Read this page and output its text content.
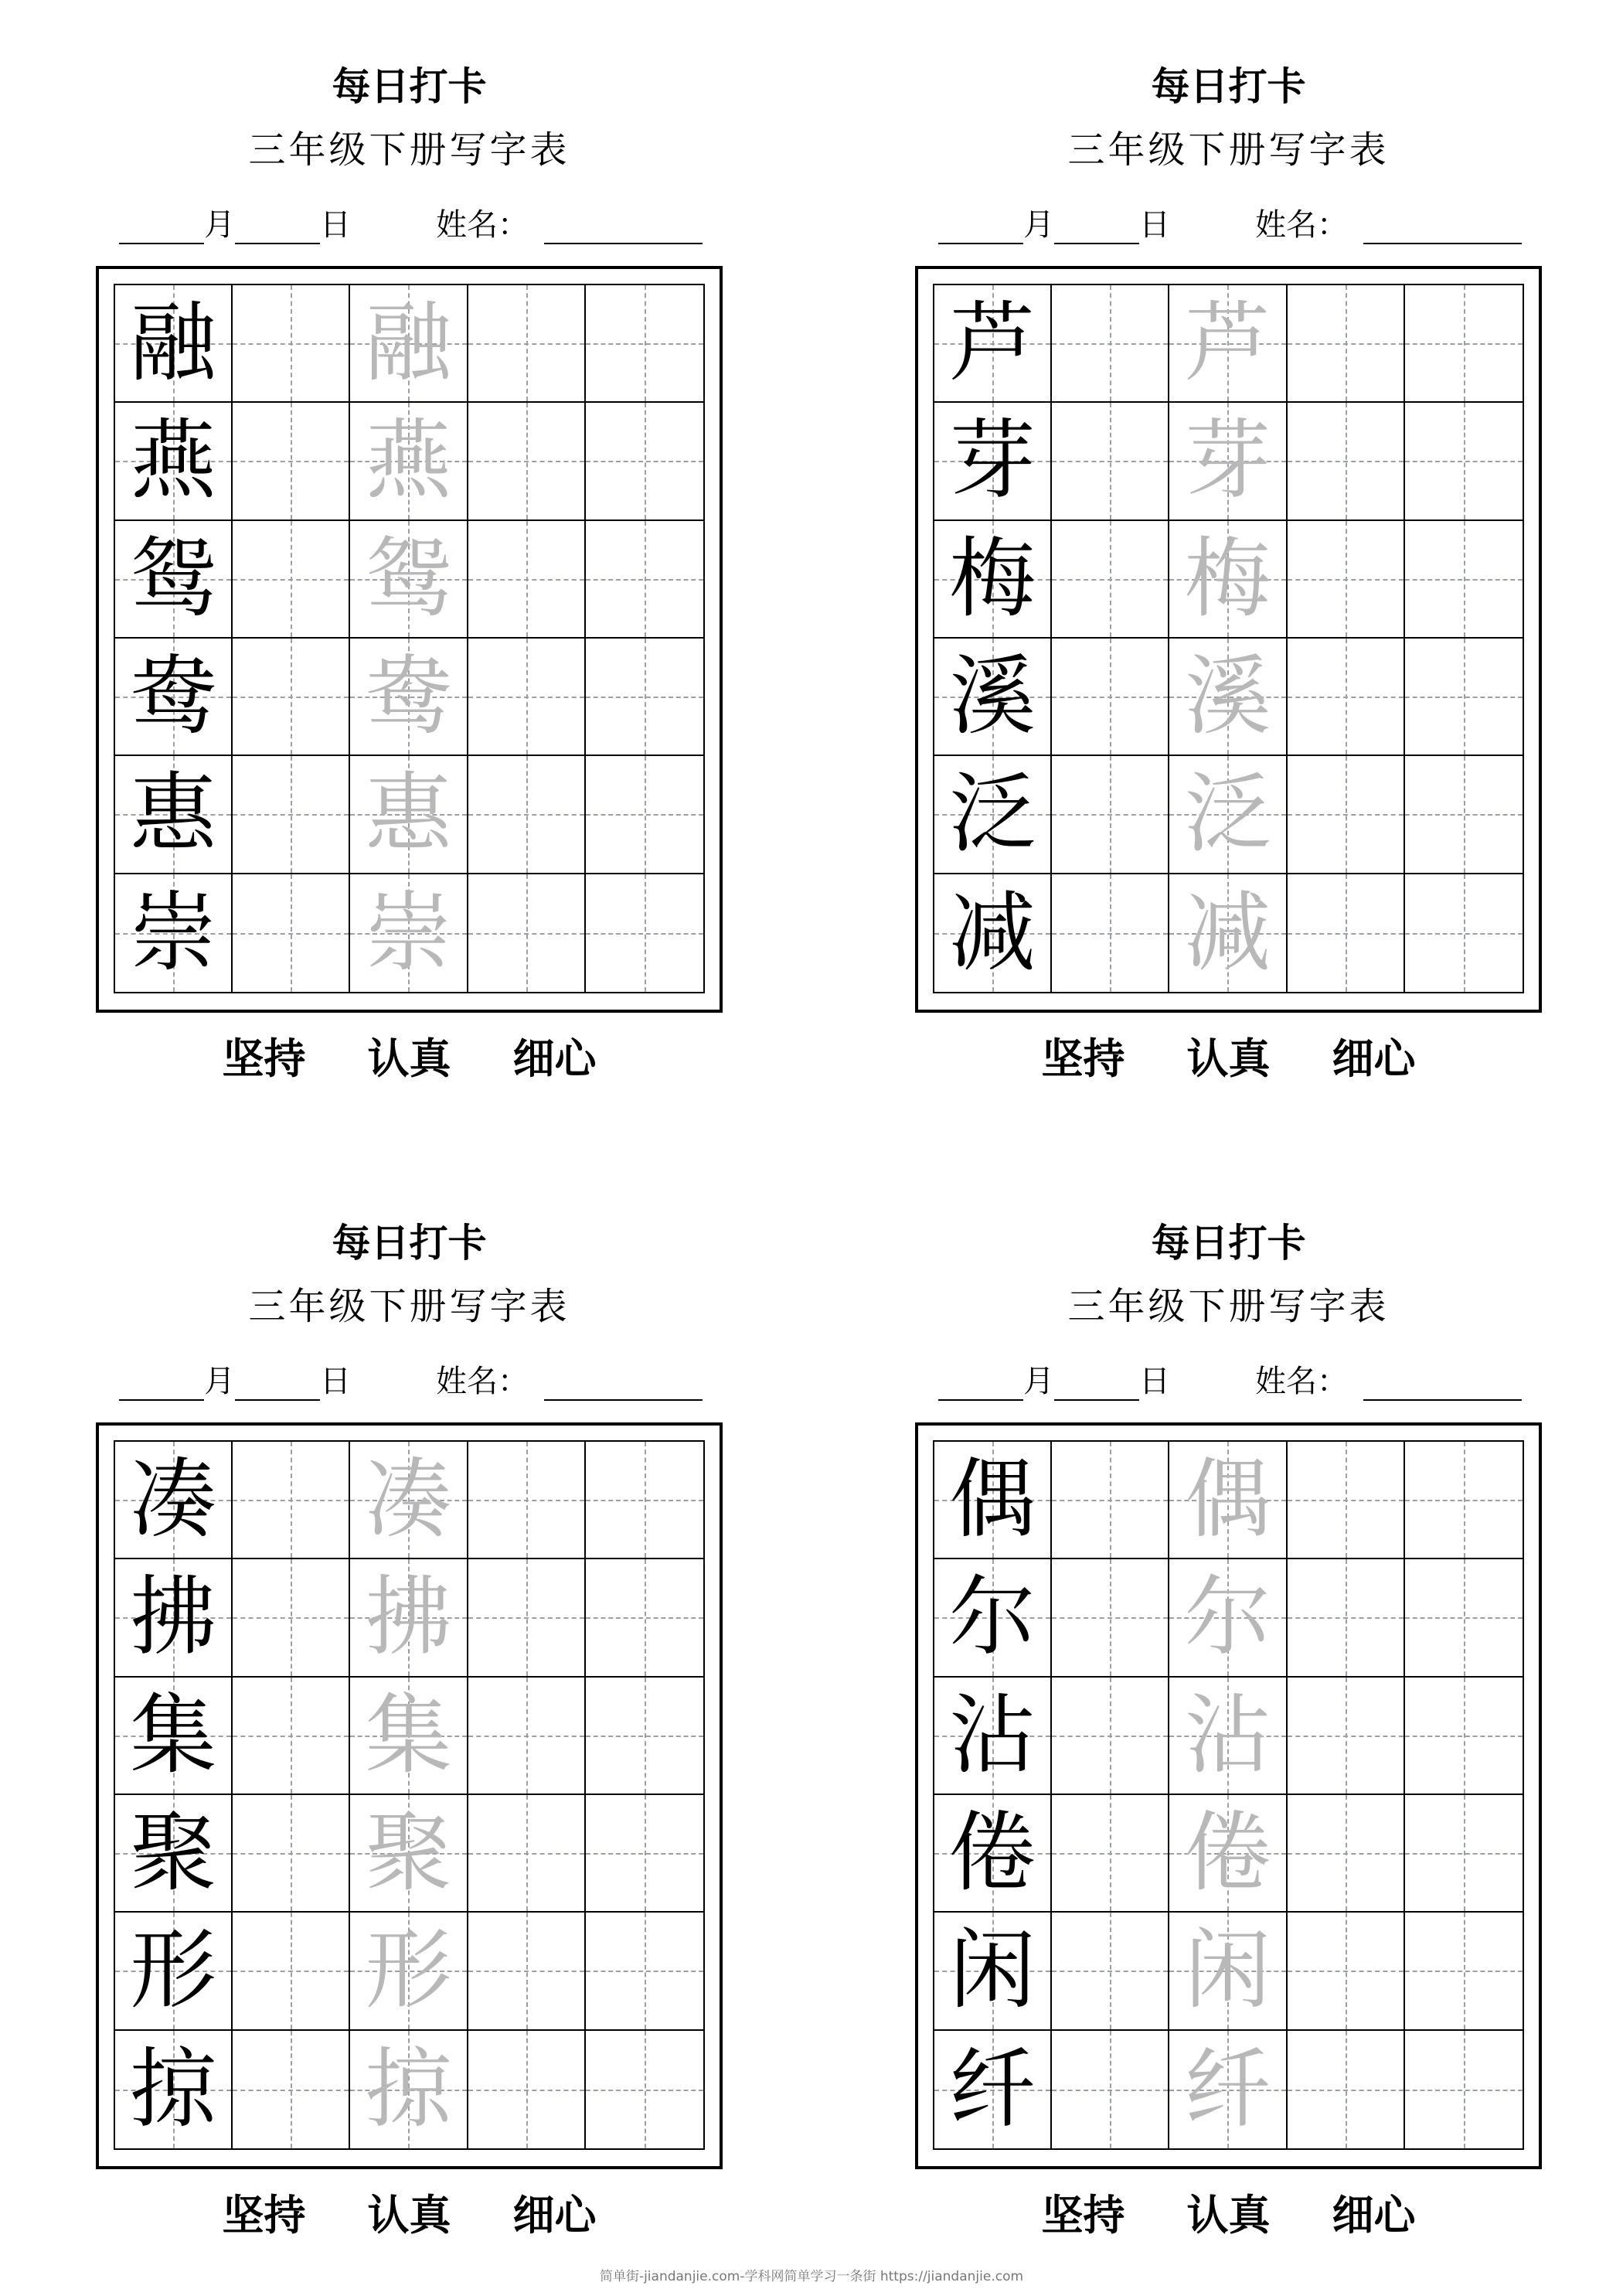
每日打卡
三年级下册写字表
月	日	姓名：
融 融
燕 燕
鸳 鸳
鸯 鸯
惠 惠
崇 崇
坚持 认真 细心
每日打卡
三年级下册写字表
月	日	姓名：
芦 芦
芽 芽
梅 梅
溪 溪
泛 泛
减 减
坚持 认真 细心
每日打卡
三年级下册写字表
月	日	姓名：
凑 凑
拂 拂
集 集
聚 聚
形 形
掠 掠
坚持 认真 细心
每日打卡
三年级下册写字表
月	日	姓名：
偶 偶
尔 尔
沾 沾
倦 倦
闲 闲
纤 纤
坚持 认真 细心
简单街-jiandanjie.com-学科网简单学习一条街 https://jiandanjie.com
